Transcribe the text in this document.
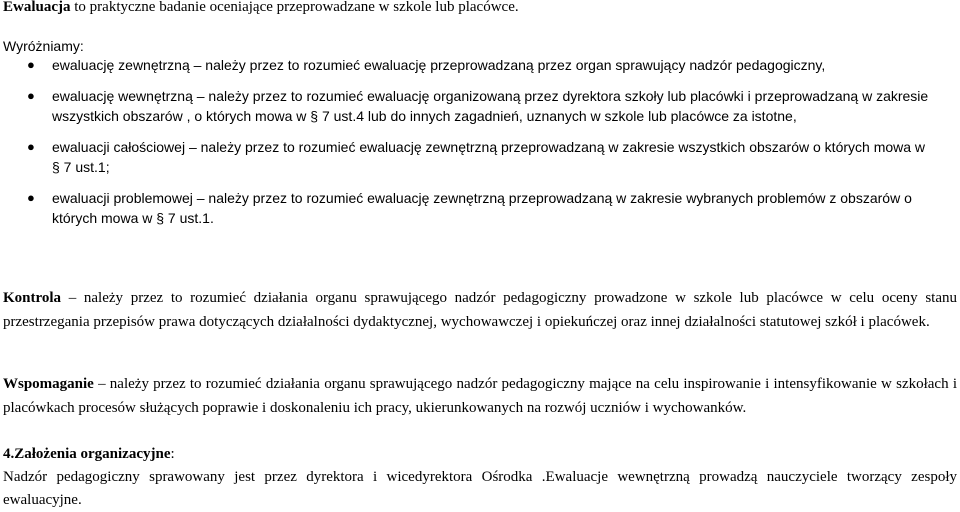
Ewaluacja to praktyczne badanie oceniające przeprowadzane w szkole lub placówce.

Wyróżniamy:

● ewaluację zewnętrzną – należy przez to rozumieć ewaluację przeprowadzaną przez organ sprawujący nadzór pedagogiczny,
● ewaluację wewnętrzną – należy przez to rozumieć ewaluację organizowaną przez dyrektora szkoły lub placówki i przeprowadzaną w zakresie wszystkich obszarów , o których mowa w § 7 ust.4 lub do innych zagadnień, uznanych w szkole lub placówce za istotne,
● ewaluacji całościowej – należy przez to rozumieć ewaluację zewnętrzną przeprowadzaną w zakresie wszystkich obszarów o których mowa w § 7 ust.1;
● ewaluacji problemowej – należy przez to rozumieć ewaluację zewnętrzną przeprowadzaną w zakresie wybranych problemów z obszarów o których mowa w § 7 ust.1.

Kontrola – należy przez to rozumieć działania organu sprawującego nadzór pedagogiczny prowadzone w szkole lub placówce w celu oceny stanu przestrzegania przepisów prawa dotyczących działalności dydaktycznej, wychowawczej i opiekuńczej oraz innej działalności statutowej szkół i placówek.

Wspomaganie – należy przez to rozumieć działania organu sprawującego nadzór pedagogiczny mające na celu inspirowanie i intensyfikowanie w szkołach i placówkach procesów służących poprawie i doskonaleniu ich pracy, ukierunkowanych na rozwój uczniów i wychowanków.

4.Założenia organizacyjne:
Nadzór pedagogiczny sprawowany jest przez dyrektora i wicedyrektora Ośrodka .Ewaluacje wewnętrzną prowadzą nauczyciele tworzący zespoły ewaluacyjne.
